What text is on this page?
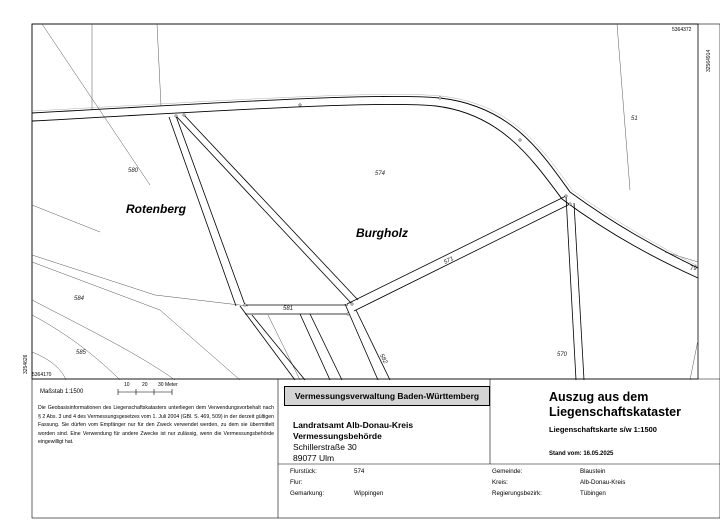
5364372
3256491​4
3254626
5364170
Rotenberg
Burgholz
580	574
51
571
79
584
581
585	570
582
Maßstab 1:1500
10 20 30 Meter
Die Geobasisinformationen des Liegenschaftskatasters unterliegen dem Verwendungsvorbehalt nach § 2 Abs. 3 und 4 des Vermessungsgesetzes vom 1. Juli 2004 (GBl. S. 469, 509) in der derzeit gültigen Fassung. Sie dürfen vom Empfänger nur für den Zweck verwendet werden, zu dem sie übermittelt worden sind. Eine Verwendung für andere Zwecke ist nur zulässig, wenn die Vermessungsbehörde eingewilligt hat.
Vermessungsverwaltung Baden-Württemberg
Landratsamt Alb-Donau-Kreis
Vermessungsbehörde
Schillerstraße 30
89077 Ulm
Auszug aus dem
Liegenschaftskataster
Liegenschaftskarte s/w 1:1500
Stand vom: 16.05.2025
Flurstück:	574
Flur:
Gemarkung:	Wippingen
Gemeinde:	Blaustein
Kreis:	Alb-Donau-Kreis
Regierungsbezirk:	Tübingen
